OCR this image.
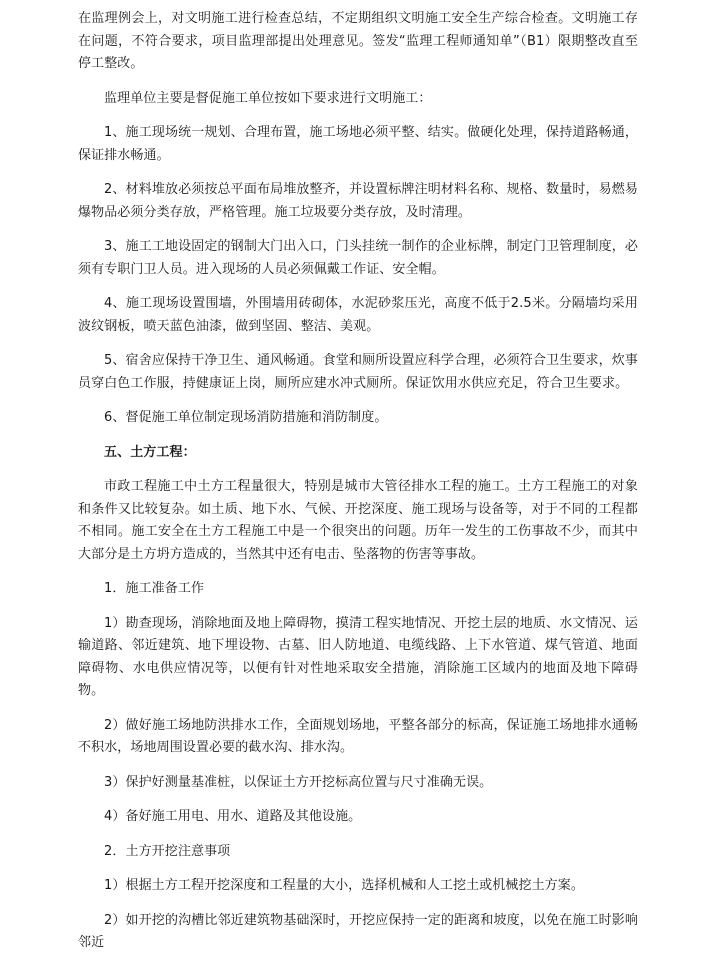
在监理例会上，对文明施工进行检查总结，不定期组织文明施工安全生产综合检查。文明施工存在问题，不符合要求，项目监理部提出处理意见。签发“监理工程师通知单”（B1）限期整改直至停工整改。

监理单位主要是督促施工单位按如下要求进行文明施工：

1、施工现场统一规划、合理布置，施工场地必须平整、结实。做硬化处理，保持道路畅通，保证排水畅通。

2、材料堆放必须按总平面布局堆放整齐，并设置标牌注明材料名称、规格、数量时，易燃易爆物品必须分类存放，严格管理。施工垃圾要分类存放，及时清理。

3、施工工地设固定的钢制大门出入口，门头挂统一制作的企业标牌，制定门卫管理制度，必须有专职门卫人员。进入现场的人员必须佩戴工作证、安全帽。

4、施工现场设置围墙，外围墙用砖砌体，水泥砂浆压光，高度不低于2.5米。分隔墙均采用波纹钢板，喷天蓝色油漆，做到坚固、整洁、美观。

5、宿舍应保持干净卫生、通风畅通。食堂和厕所设置应科学合理，必须符合卫生要求，炊事员穿白色工作服，持健康证上岗，厕所应建水冲式厕所。保证饮用水供应充足，符合卫生要求。

6、督促施工单位制定现场消防措施和消防制度。

五、土方工程：

市政工程施工中土方工程量很大，特别是城市大管径排水工程的施工。土方工程施工的对象和条件又比较复杂。如土质、地下水、气候、开挖深度、施工现场与设备等，对于不同的工程都不相同。施工安全在土方工程施工中是一个很突出的问题。历年一发生的工伤事故不少，而其中大部分是土方坍方造成的，当然其中还有电击、坠落物的伤害等事故。

1．施工准备工作

1）勘查现场，消除地面及地上障碍物，摸清工程实地情况、开挖土层的地质、水文情况、运输道路、邻近建筑、地下埋设物、古墓、旧人防地道、电缆线路、上下水管道、煤气管道、地面障碍物、水电供应情况等，以便有针对性地采取安全措施，消除施工区域内的地面及地下障碍物。

2）做好施工场地防洪排水工作，全面规划场地，平整各部分的标高，保证施工场地排水通畅不积水，场地周围设置必要的截水沟、排水沟。

3）保护好测量基准桩，以保证土方开挖标高位置与尺寸准确无误。

4）备好施工用电、用水、道路及其他设施。

2．土方开挖注意事项

1）根据土方工程开挖深度和工程量的大小，选择机械和人工挖土或机械挖土方案。

2）如开挖的沟槽比邻近建筑物基础深时，开挖应保持一定的距离和坡度，以免在施工时影响邻近
